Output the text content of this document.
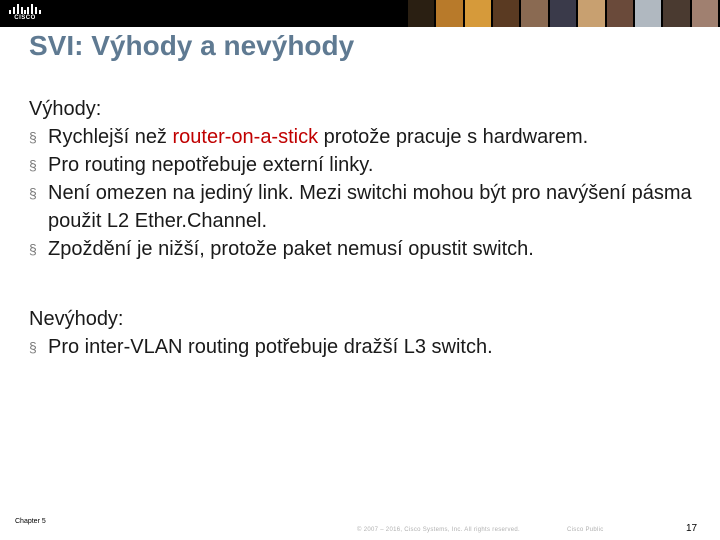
CISCO
SVI: Výhody a nevýhody

Výhody:

§ Rychlejší než router-on-a-stick protože pracuje s hardwarem.
§ Pro routing nepotřebuje externí linky.
§ Není omezen na jediný link. Mezi switchi mohou být pro navýšení pásma použit L2 Ether.Channel.
§ Zpoždění je nižší, protože paket nemusí opustit switch.

Nevýhody:

§ Pro inter-VLAN routing potřebuje dražší L3 switch.
Chapter 5
© 2007 – 2016, Cisco Systems, Inc. All rights reserved.	Cisco Public	17
